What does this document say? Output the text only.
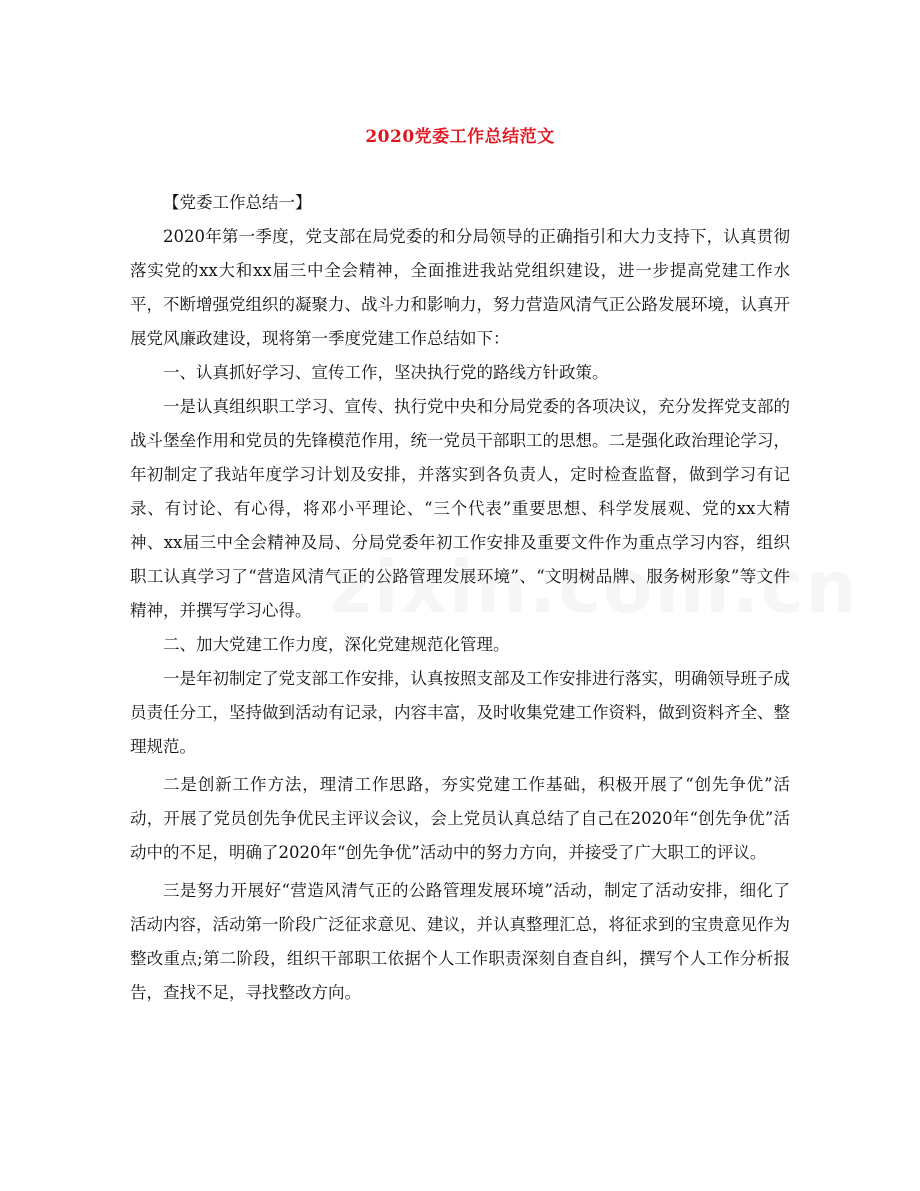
2020党委工作总结范文

【党委工作总结一】

2020年第一季度，党支部在局党委的和分局领导的正确指引和大力支持下，认真贯彻落实党的xx大和xx届三中全会精神，全面推进我站党组织建设，进一步提高党建工作水平，不断增强党组织的凝聚力、战斗力和影响力，努力营造风清气正公路发展环境，认真开展党风廉政建设，现将第一季度党建工作总结如下：

一、认真抓好学习、宣传工作，坚决执行党的路线方针政策。

一是认真组织职工学习、宣传、执行党中央和分局党委的各项决议，充分发挥党支部的战斗堡垒作用和党员的先锋模范作用，统一党员干部职工的思想。二是强化政治理论学习，年初制定了我站年度学习计划及安排，并落实到各负责人，定时检查监督，做到学习有记录、有讨论、有心得，将邓小平理论、“三个代表”重要思想、科学发展观、党的xx大精神、xx届三中全会精神及局、分局党委年初工作安排及重要文件作为重点学习内容，组织职工认真学习了“营造风清气正的公路管理发展环境”、“文明树品牌、服务树形象”等文件精神，并撰写学习心得。

二、加大党建工作力度，深化党建规范化管理。

一是年初制定了党支部工作安排，认真按照支部及工作安排进行落实，明确领导班子成员责任分工，坚持做到活动有记录，内容丰富，及时收集党建工作资料，做到资料齐全、整理规范。

二是创新工作方法，理清工作思路，夯实党建工作基础，积极开展了“创先争优”活动，开展了党员创先争优民主评议会议，会上党员认真总结了自己在2020年“创先争优”活动中的不足，明确了2020年“创先争优”活动中的努力方向，并接受了广大职工的评议。

三是努力开展好“营造风清气正的公路管理发展环境”活动，制定了活动安排，细化了活动内容，活动第一阶段广泛征求意见、建议，并认真整理汇总，将征求到的宝贵意见作为整改重点;第二阶段，组织干部职工依据个人工作职责深刻自查自纠，撰写个人工作分析报告，查找不足，寻找整改方向。
